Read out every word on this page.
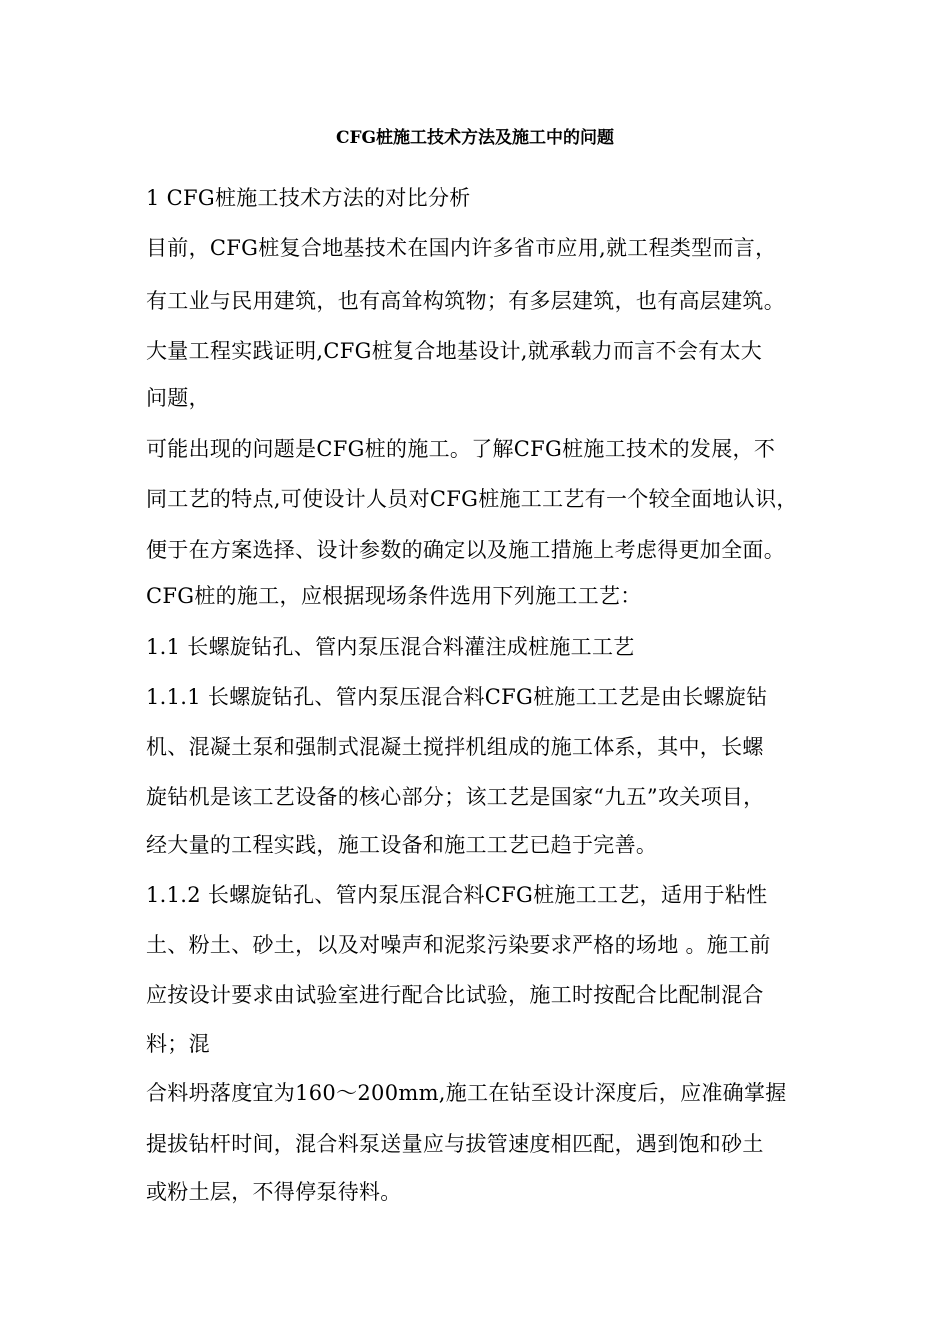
CFG桩施工技术方法及施工中的问题
1 CFG桩施工技术方法的对比分析
目前，CFG桩复合地基技术在国内许多省市应用,就工程类型而言，
有工业与民用建筑，也有高耸构筑物；有多层建筑，也有高层建筑。
大量工程实践证明,CFG桩复合地基设计,就承载力而言不会有太大
问题，
可能出现的问题是CFG桩的施工。了解CFG桩施工技术的发展，不
同工艺的特点,可使设计人员对CFG桩施工工艺有一个较全面地认识，
便于在方案选择、设计参数的确定以及施工措施上考虑得更加全面。
CFG桩的施工，应根据现场条件选用下列施工工艺：
1.1 长螺旋钻孔、管内泵压混合料灌注成桩施工工艺
1.1.1 长螺旋钻孔、管内泵压混合料CFG桩施工工艺是由长螺旋钻
机、混凝土泵和强制式混凝土搅拌机组成的施工体系，其中，长螺
旋钻机是该工艺设备的核心部分；该工艺是国家“九五”攻关项目，
经大量的工程实践，施工设备和施工工艺已趋于完善。
1.1.2 长螺旋钻孔、管内泵压混合料CFG桩施工工艺，适用于粘性
土、粉土、砂土，以及对噪声和泥浆污染要求严格的场地 。施工前
应按设计要求由试验室进行配合比试验，施工时按配合比配制混合
料；混
合料坍落度宜为160～200mm,施工在钻至设计深度后，应准确掌握
提拔钻杆时间，混合料泵送量应与拔管速度相匹配，遇到饱和砂土
或粉土层，不得停泵待料。
